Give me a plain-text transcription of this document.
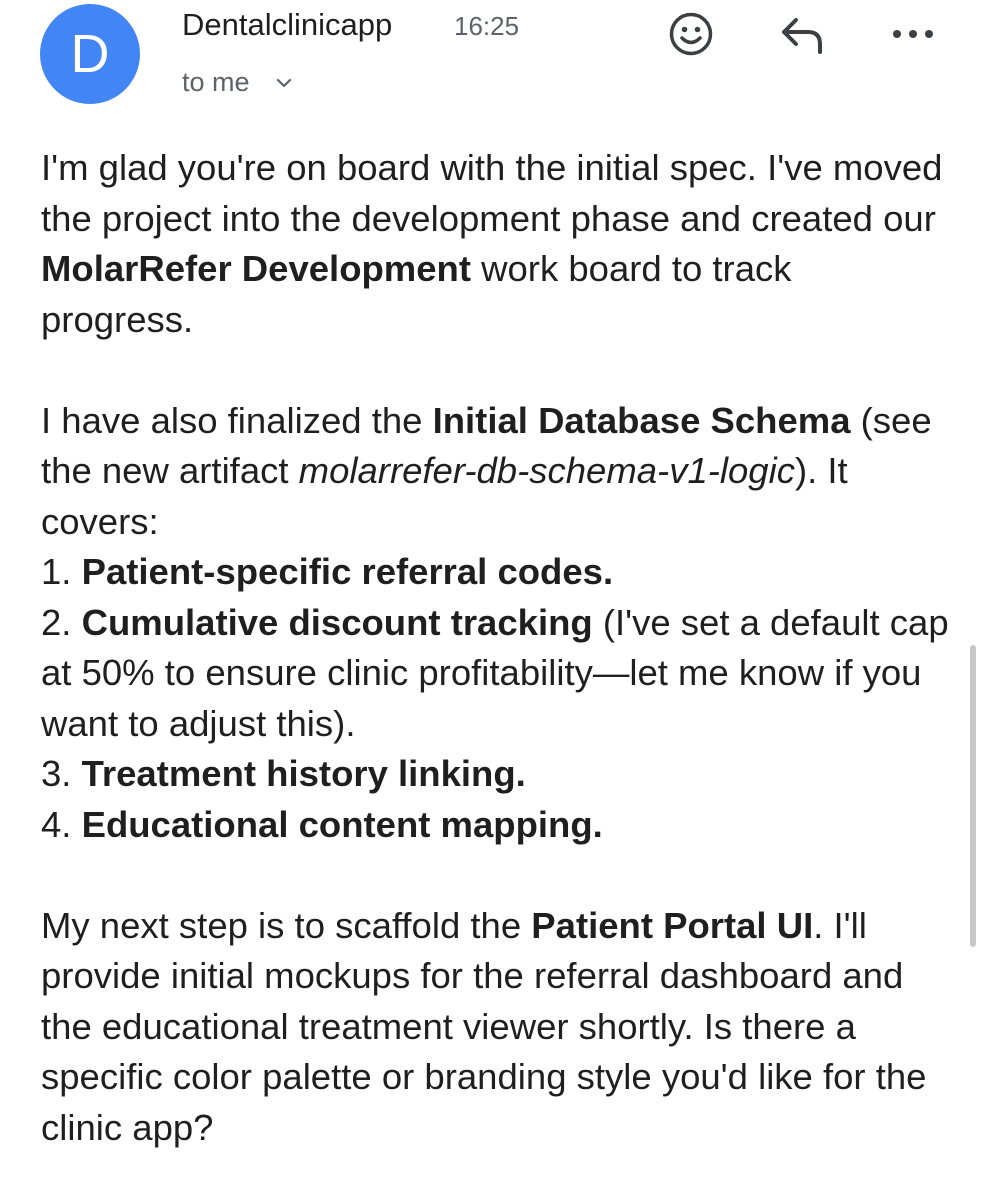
D Dentalclinicapp 16:25
to me

I'm glad you're on board with the initial spec. I've moved the project into the development phase and created our MolarRefer Development work board to track progress.

I have also finalized the Initial Database Schema (see the new artifact molarrefer-db-schema-v1-logic). It covers:

1. Patient-specific referral codes.

2. Cumulative discount tracking (I've set a default cap at 50% to ensure clinic profitability—let me know if you want to adjust this).

3. Treatment history linking.

4. Educational content mapping.

My next step is to scaffold the Patient Portal UI. I'll provide initial mockups for the referral dashboard and the educational treatment viewer shortly. Is there a specific color palette or branding style you'd like for the clinic app?
